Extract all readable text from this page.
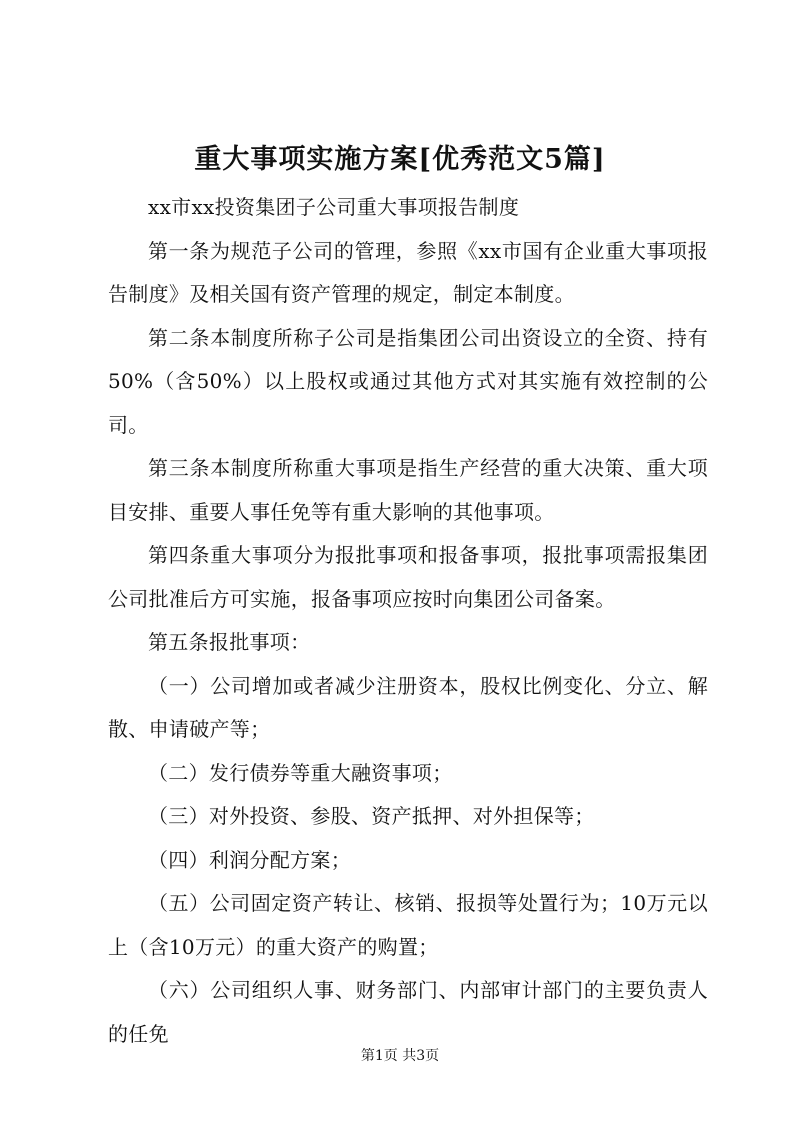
重大事项实施方案[优秀范文5篇]

xx市xx投资集团子公司重大事项报告制度

第一条为规范子公司的管理，参照《xx市国有企业重大事项报告制度》及相关国有资产管理的规定，制定本制度。

第二条本制度所称子公司是指集团公司出资设立的全资、持有50%（含50%）以上股权或通过其他方式对其实施有效控制的公司。

第三条本制度所称重大事项是指生产经营的重大决策、重大项目安排、重要人事任免等有重大影响的其他事项。

第四条重大事项分为报批事项和报备事项，报批事项需报集团公司批准后方可实施，报备事项应按时向集团公司备案。

第五条报批事项：

（一）公司增加或者减少注册资本，股权比例变化、分立、解散、申请破产等；

（二）发行债券等重大融资事项；

（三）对外投资、参股、资产抵押、对外担保等；

（四）利润分配方案；

（五）公司固定资产转让、核销、报损等处置行为；10万元以上（含10万元）的重大资产的购置；

（六）公司组织人事、财务部门、内部审计部门的主要负责人的任免

第1页 共3页
